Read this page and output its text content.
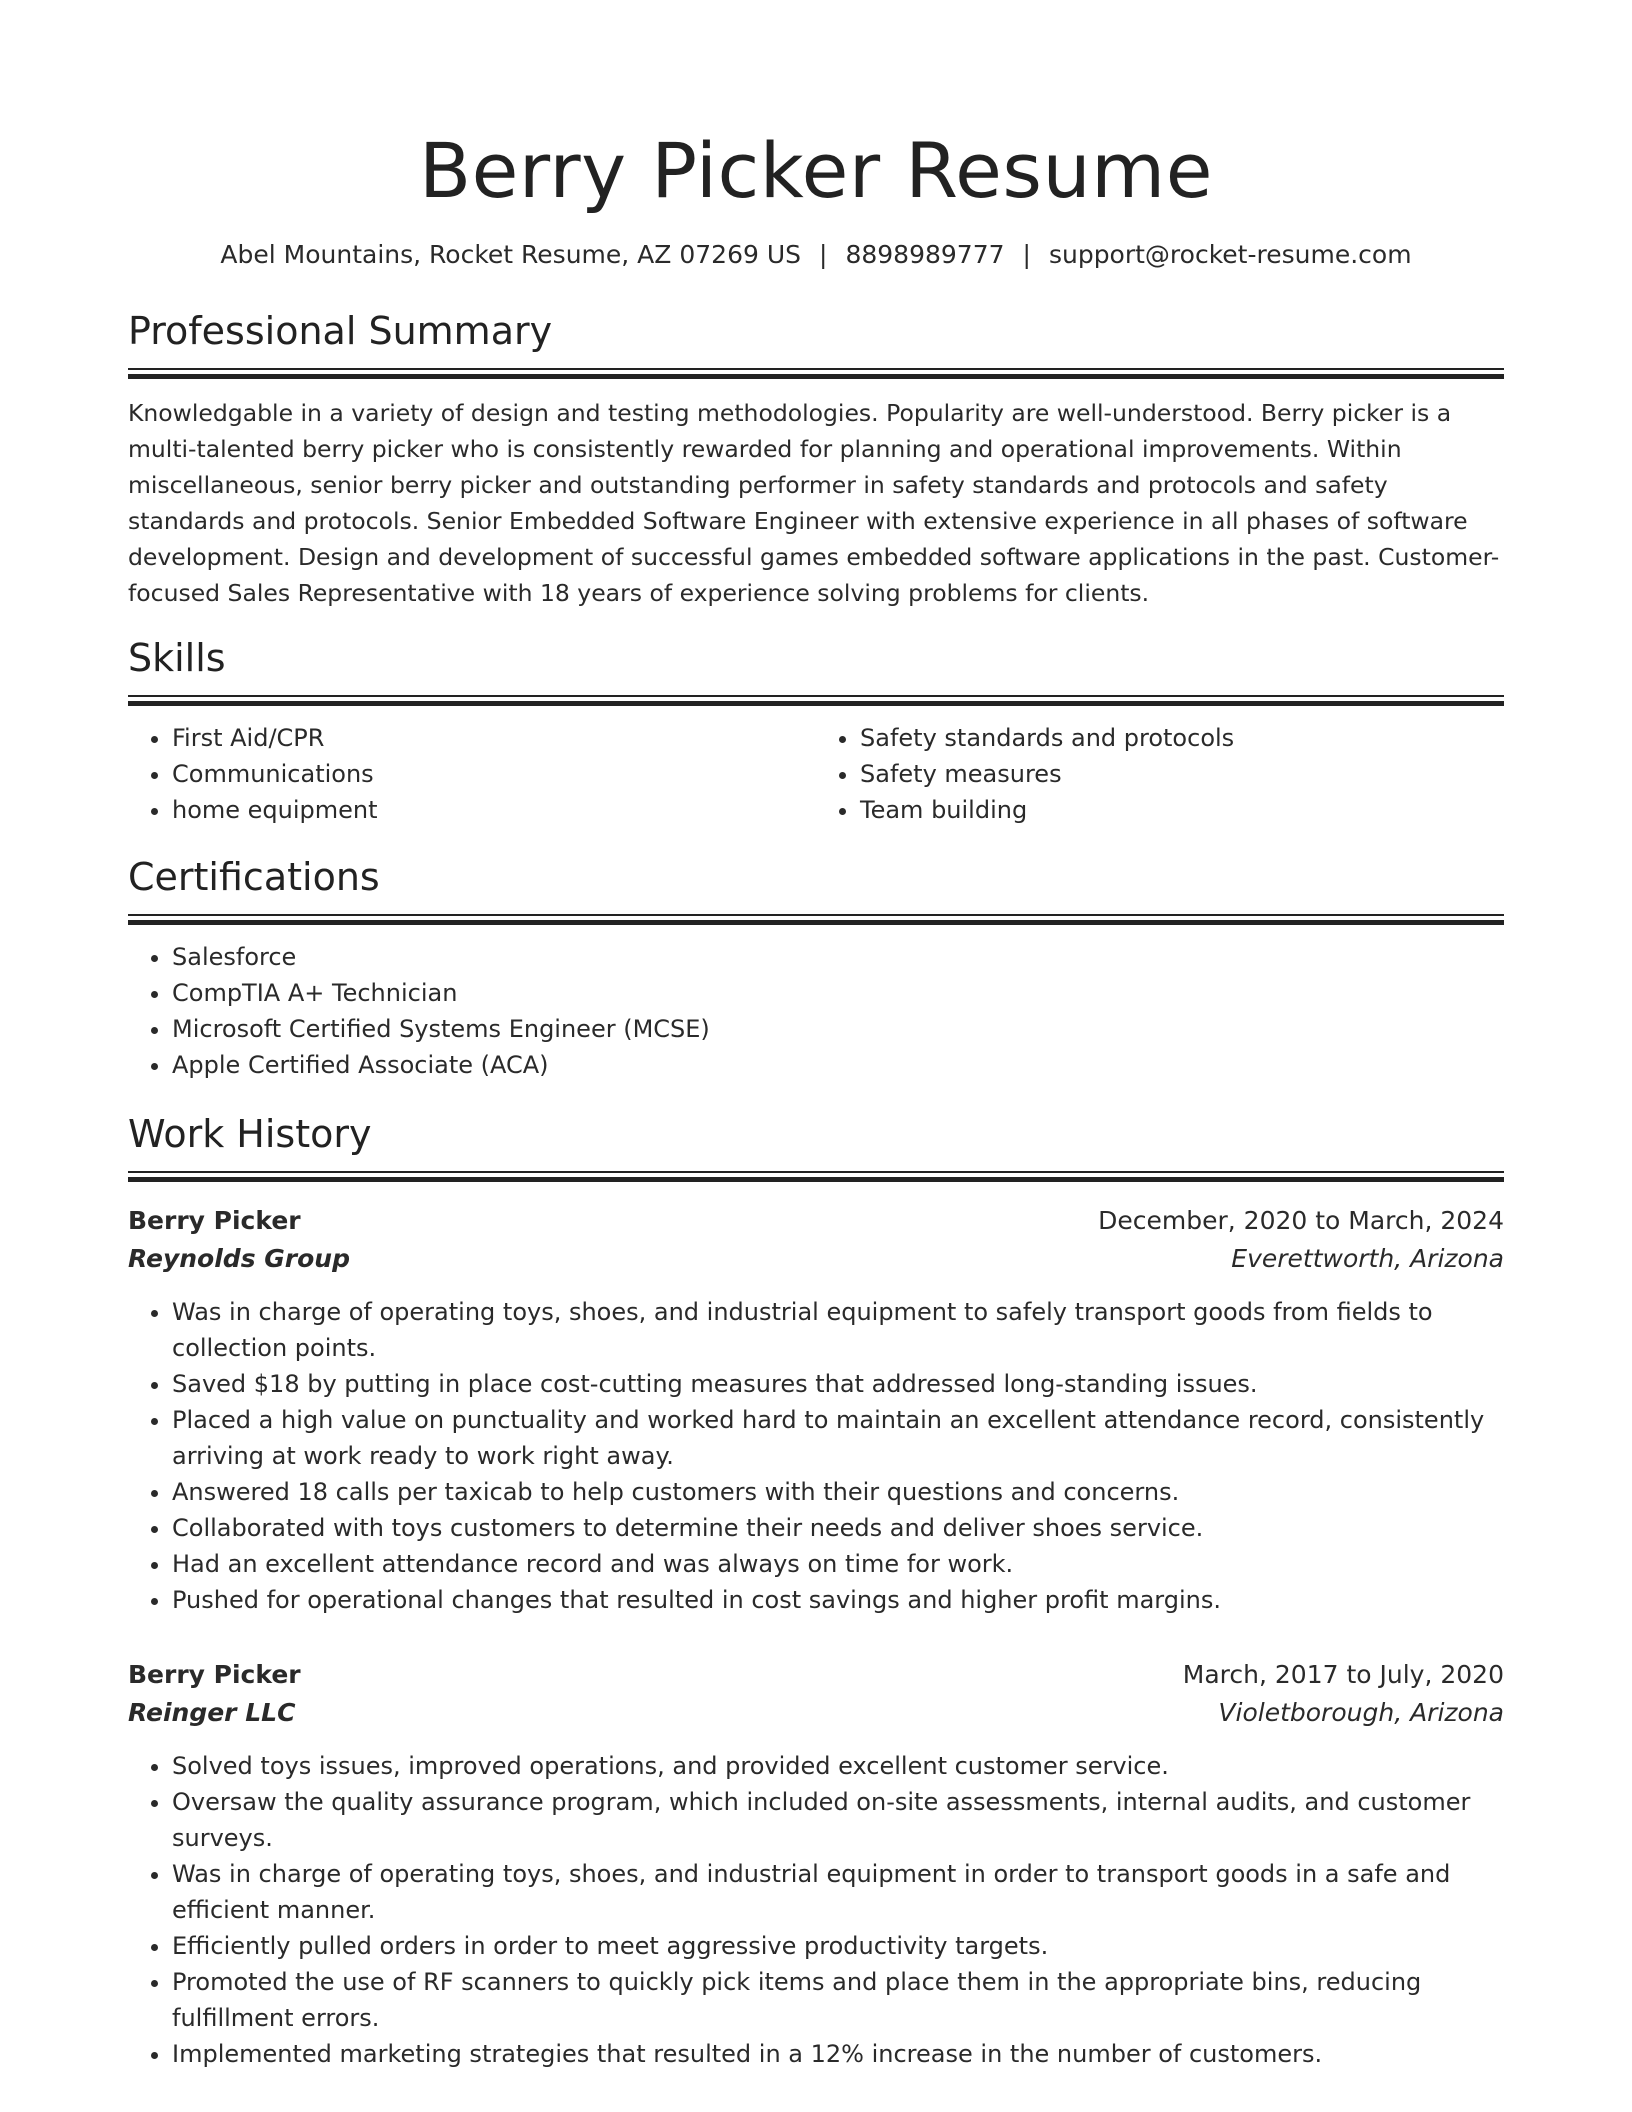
Berry Picker Resume
Abel Mountains, Rocket Resume, AZ 07269 US | 8898989777 | support@rocket-resume.com
Professional Summary

Knowledgable in a variety of design and testing methodologies. Popularity are well-understood. Berry picker is a multi-talented berry picker who is consistently rewarded for planning and operational improvements. Within miscellaneous, senior berry picker and outstanding performer in safety standards and protocols and safety standards and protocols. Senior Embedded Software Engineer with extensive experience in all phases of software development. Design and development of successful games embedded software applications in the past. Customer-focused Sales Representative with 18 years of experience solving problems for clients.

Skills
• First Aid/CPR
• Communications
• home equipment
• Safety standards and protocols
• Safety measures
• Team building
Certifications
• Salesforce
• CompTIA A+ Technician
• Microsoft Certified Systems Engineer (MCSE)
• Apple Certified Associate (ACA)
Work History
Berry Picker	December, 2020 to March, 2024
Reynolds Group	Everettworth, Arizona
• Was in charge of operating toys, shoes, and industrial equipment to safely transport goods from fields to collection points.
• Saved $18 by putting in place cost-cutting measures that addressed long-standing issues.
• Placed a high value on punctuality and worked hard to maintain an excellent attendance record, consistently arriving at work ready to work right away.
• Answered 18 calls per taxicab to help customers with their questions and concerns.
• Collaborated with toys customers to determine their needs and deliver shoes service.
• Had an excellent attendance record and was always on time for work.
• Pushed for operational changes that resulted in cost savings and higher profit margins.
Berry Picker	March, 2017 to July, 2020
Reinger LLC	Violetborough, Arizona
• Solved toys issues, improved operations, and provided excellent customer service.
• Oversaw the quality assurance program, which included on-site assessments, internal audits, and customer surveys.
• Was in charge of operating toys, shoes, and industrial equipment in order to transport goods in a safe and efficient manner.
• Efficiently pulled orders in order to meet aggressive productivity targets.
• Promoted the use of RF scanners to quickly pick items and place them in the appropriate bins, reducing fulfillment errors.
• Implemented marketing strategies that resulted in a 12% increase in the number of customers.
